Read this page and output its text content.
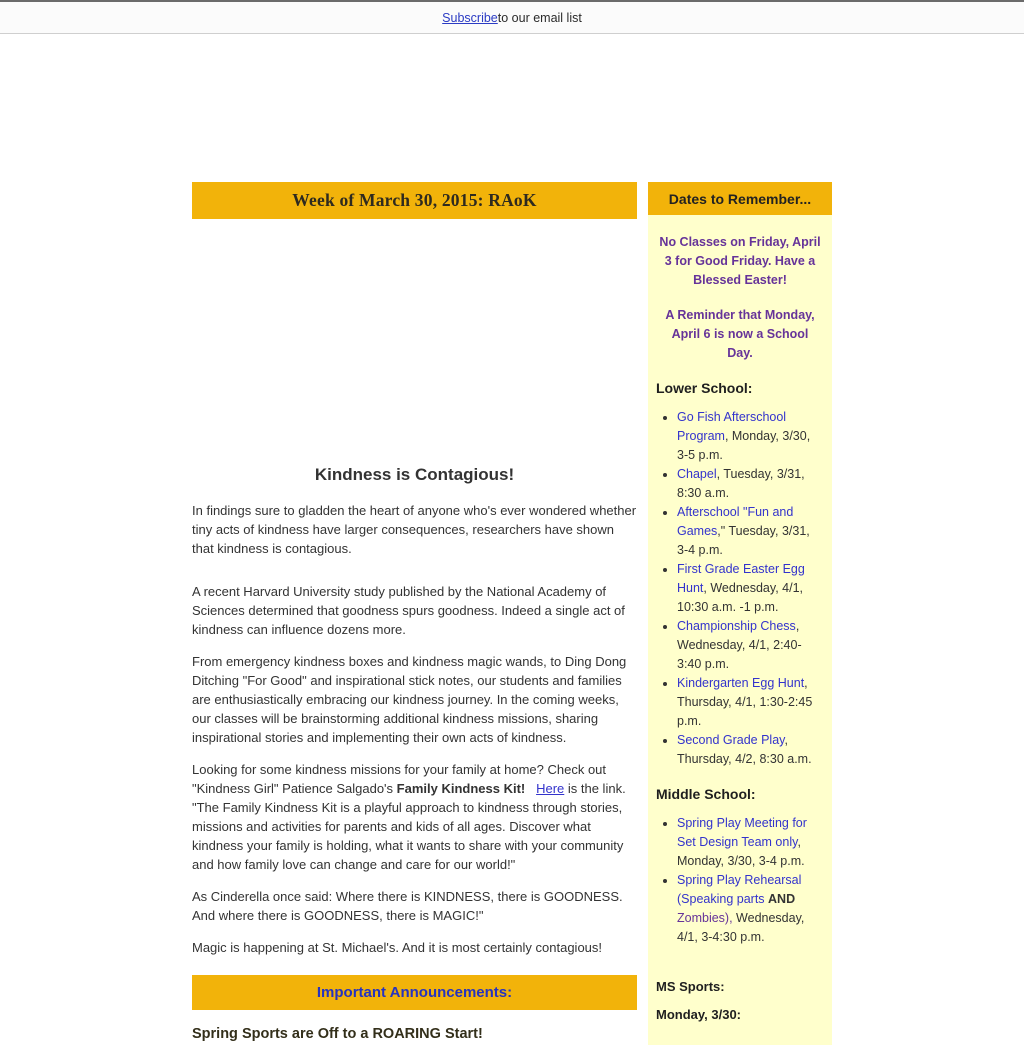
Subscribe to our email list
Week of March 30, 2015: RAoK
Kindness is Contagious!

In findings sure to gladden the heart of anyone who's ever wondered whether tiny acts of kindness have larger consequences, researchers have shown that kindness is contagious.

A recent Harvard University study published by the National Academy of Sciences determined that goodness spurs goodness. Indeed a single act of kindness can influence dozens more.

From emergency kindness boxes and kindness magic wands, to Ding Dong Ditching "For Good" and inspirational stick notes, our students and families are enthusiastically embracing our kindness journey. In the coming weeks, our classes will be brainstorming additional kindness missions, sharing inspirational stories and implementing their own acts of kindness.

Looking for some kindness missions for your family at home? Check out "Kindness Girl" Patience Salgado's Family Kindness Kit! Here is the link. "The Family Kindness Kit is a playful approach to kindness through stories, missions and activities for parents and kids of all ages. Discover what kindness your family is holding, what it wants to share with your community and how family love can change and care for our world!"

As Cinderella once said: Where there is KINDNESS, there is GOODNESS. And where there is GOODNESS, there is MAGIC!"

Magic is happening at St. Michael's. And it is most certainly contagious!

Important Announcements:
Spring Sports are Off to a ROARING Start!
Dates to Remember...

No Classes on Friday, April 3 for Good Friday. Have a Blessed Easter!

A Reminder that Monday, April 6 is now a School Day.

Lower School:
• Go Fish Afterschool Program, Monday, 3/30, 3-5 p.m.
• Chapel, Tuesday, 3/31, 8:30 a.m.
• Afterschool "Fun and Games," Tuesday, 3/31, 3-4 p.m.
• First Grade Easter Egg Hunt, Wednesday, 4/1, 10:30 a.m. -1 p.m.
• Championship Chess, Wednesday, 4/1, 2:40-3:40 p.m.
• Kindergarten Egg Hunt, Thursday, 4/1, 1:30-2:45 p.m.
• Second Grade Play, Thursday, 4/2, 8:30 a.m.
Middle School:
• Spring Play Meeting for Set Design Team only, Monday, 3/30, 3-4 p.m.
• Spring Play Rehearsal (Speaking parts AND Zombies), Wednesday, 4/1, 3-4:30 p.m.
MS Sports:
Monday, 3/30:
